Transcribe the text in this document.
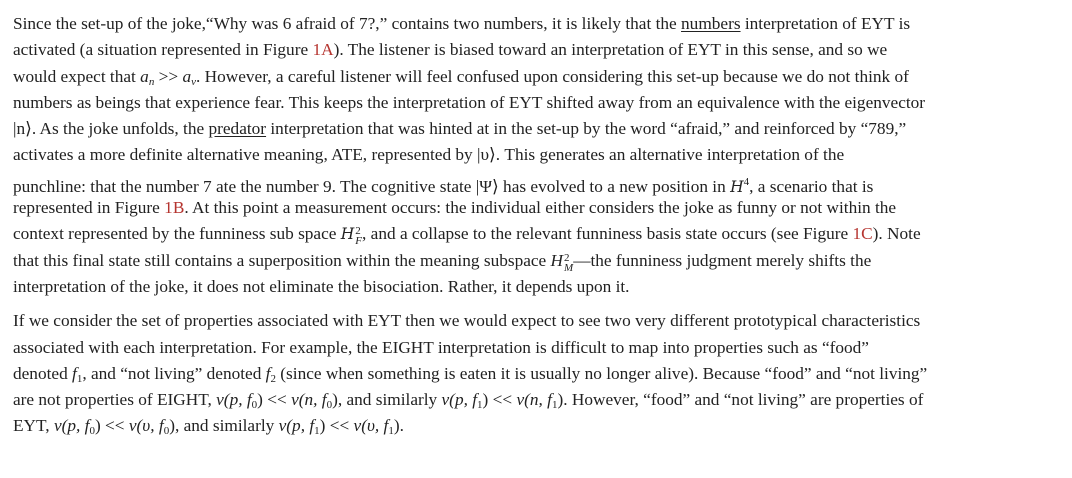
Since the set-up of the joke,“Why was 6 afraid of 7?,” contains two numbers, it is likely that the numbers interpretation of EYT is
activated (a situation represented in Figure 1A). The listener is biased toward an interpretation of EYT in this sense, and so we
would expect that $a_n >> a_v$. However, a careful listener will feel confused upon considering this set-up because we do not think of
numbers as beings that experience fear. This keeps the interpretation of EYT shifted away from an equivalence with the eigenvector
|n⟩. As the joke unfolds, the predator interpretation that was hinted at in the set-up by the word “afraid,” and reinforced by “789,”
activates a more definite alternative meaning, ATE, represented by |υ⟩. This generates an alternative interpretation of the
punchline: that the number 7 ate the number 9. The cognitive state |Ψ⟩ has evolved to a new position in $H^4$, a scenario that is
represented in Figure 1B. At this point a measurement occurs: the individual either considers the joke as funny or not within the
context represented by the funniness sub space H 2
F , and a collapse to the relevant funniness basis state occurs (see Figure 1C). Note
that this final state still contains a superposition within the meaning subspace H 2
M —the funniness judgment merely shifts the
interpretation of the joke, it does not eliminate the bisociation. Rather, it depends upon it.

If we consider the set of properties associated with EYT then we would expect to see two very different prototypical characteristics
associated with each interpretation. For example, the EIGHT interpretation is difficult to map into properties such as “food”
denoted $f_1$, and “not living” denoted $f_2$ (since when something is eaten it is usually no longer alive). Because “food” and “not living”
are not properties of EIGHT, v(p, $f_0) << v(n$, $f_0$), and similarly v(p, $f_1) << v(n$, $f_1$). However, “food” and “not living” are properties of
EYT, v(p, $f_0) << v(\upsilon$, $f_0$), and similarly v(p, $f_1) << v(\upsilon$, $f_1$).
